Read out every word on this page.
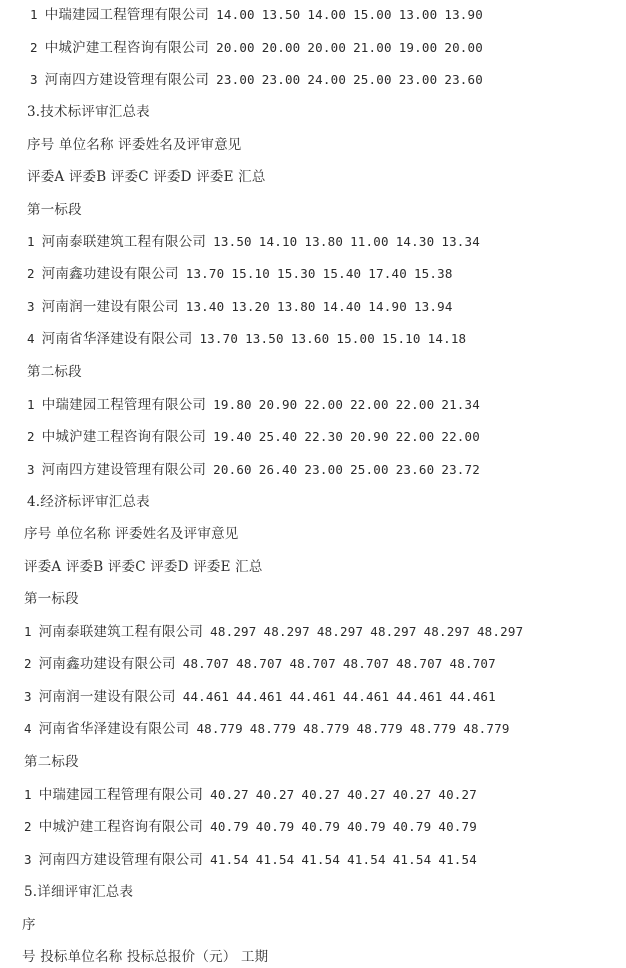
1 中瑞建园工程管理有限公司 14.00 13.50 14.00 15.00 13.00 13.90
2 中城沪建工程咨询有限公司 20.00 20.00 20.00 21.00 19.00 20.00
3 河南四方建设管理有限公司 23.00 23.00 24.00 25.00 23.00 23.60
3.技术标评审汇总表
序号 单位名称 评委姓名及评审意见
评委A 评委B 评委C 评委D 评委E 汇总
第一标段
1 河南泰联建筑工程有限公司 13.50 14.10 13.80 11.00 14.30 13.34
2 河南鑫功建设有限公司 13.70 15.10 15.30 15.40 17.40 15.38
3 河南润一建设有限公司 13.40 13.20 13.80 14.40 14.90 13.94
4 河南省华泽建设有限公司 13.70 13.50 13.60 15.00 15.10 14.18
第二标段
1 中瑞建园工程管理有限公司 19.80 20.90 22.00 22.00 22.00 21.34
2 中城沪建工程咨询有限公司 19.40 25.40 22.30 20.90 22.00 22.00
3 河南四方建设管理有限公司 20.60 26.40 23.00 25.00 23.60 23.72
4.经济标评审汇总表
序号 单位名称 评委姓名及评审意见
评委A 评委B 评委C 评委D 评委E 汇总
第一标段
1 河南泰联建筑工程有限公司 48.297 48.297 48.297 48.297 48.297 48.297
2 河南鑫功建设有限公司 48.707 48.707 48.707 48.707 48.707 48.707
3 河南润一建设有限公司 44.461 44.461 44.461 44.461 44.461 44.461
4 河南省华泽建设有限公司 48.779 48.779 48.779 48.779 48.779 48.779
第二标段
1 中瑞建园工程管理有限公司 40.27 40.27 40.27 40.27 40.27 40.27
2 中城沪建工程咨询有限公司 40.79 40.79 40.79 40.79 40.79 40.79
3 河南四方建设管理有限公司 41.54 41.54 41.54 41.54 41.54 41.54
5.详细评审汇总表
序
号 投标单位名称 投标总报价（元） 工期
